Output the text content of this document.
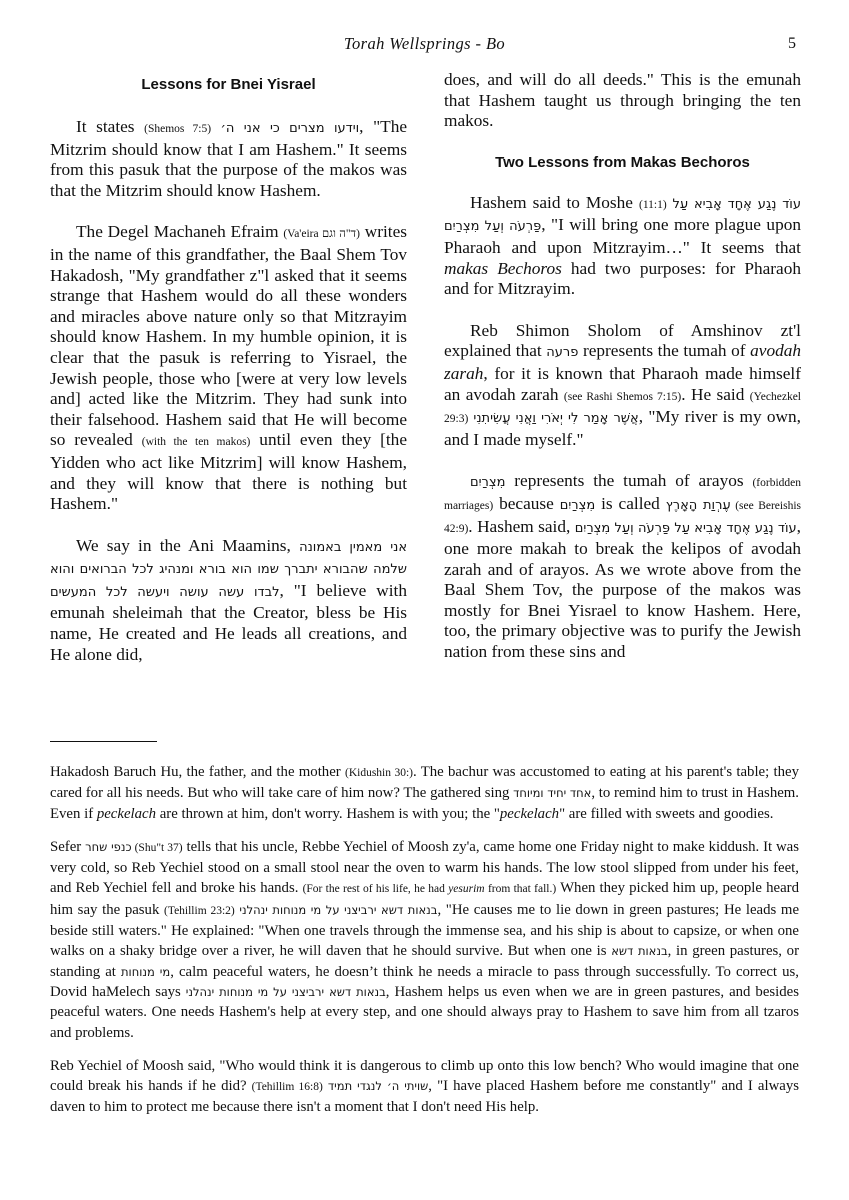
Torah Wellsprings - Bo	5
Lessons for Bnei Yisrael

It states (Shemos 7:5) וידעו מצרים כי אני ה׳, "The Mitzrim should know that I am Hashem." It seems from this pasuk that the purpose of the makos was that the Mitzrim should know Hashem.

The Degel Machaneh Efraim (Va'eira ד"ה וגם) writes in the name of this grandfather, the Baal Shem Tov Hakadosh, "My grandfather z"l asked that it seems strange that Hashem would do all these wonders and miracles above nature only so that Mitzrayim should know Hashem. In my humble opinion, it is clear that the pasuk is referring to Yisrael, the Jewish people, those who [were at very low levels and] acted like the Mitzrim. They had sunk into their falsehood. Hashem said that He will become so revealed (with the ten makos) until even they [the Yidden who act like Mitzrim] will know Hashem, and they will know that there is nothing but Hashem."

We say in the Ani Maamins, אני מאמין באמונה שלמה שהבורא יתברך שמו הוא בורא ומנהיג לכל הברואים והוא לבדו עשה עושה ויעשה לכל המעשים, "I believe with emunah sheleimah that the Creator, bless be His name, He created and He leads all creations, and He alone did,

does, and will do all deeds." This is the emunah that Hashem taught us through bringing the ten makos.

Two Lessons from Makas Bechoros

Hashem said to Moshe (11:1) עוֹד נֶגַע אֶחָד אָבִיא עַל פַּרְעֹה וְעַל מִצְרַיִם, "I will bring one more plague upon Pharaoh and upon Mitzrayim…" It seems that makas Bechoros had two purposes: for Pharaoh and for Mitzrayim.

Reb Shimon Sholom of Amshinov zt'l explained that פרעה represents the tumah of avodah zarah, for it is known that Pharaoh made himself an avodah zarah (see Rashi Shemos 7:15). He said (Yechezkel 29:3) אֲשֶׁר אָמַר לִי יְאֹרִי וַאֲנִי עֲשִׂיתִנִי, "My river is my own, and I made myself."

מִצְרַיִם represents the tumah of arayos (forbidden marriages) because מִצְרַיִם is called עֶרְוַת הָאָרֶץ (see Bereishis 42:9). Hashem said, עוֹד נֶגַע אֶחָד אָבִיא עַל פַּרְעֹה וְעַל מִצְרַיִם, one more makah to break the kelipos of avodah zarah and of arayos. As we wrote above from the Baal Shem Tov, the purpose of the makos was mostly for Bnei Yisrael to know Hashem. Here, too, the primary objective was to purify the Jewish nation from these sins and

Hakadosh Baruch Hu, the father, and the mother (Kidushin 30:). The bachur was accustomed to eating at his parent's table; they cared for all his needs. But who will take care of him now? The gathered sing אחד יחיד ומיוחד, to remind him to trust in Hashem. Even if peckelach are thrown at him, don't worry. Hashem is with you; the "peckelach" are filled with sweets and goodies.

Sefer כנפי שחר (Shu"t 37) tells that his uncle, Rebbe Yechiel of Moosh zy'a, came home one Friday night to make kiddush. It was very cold, so Reb Yechiel stood on a small stool near the oven to warm his hands. The low stool slipped from under his feet, and Reb Yechiel fell and broke his hands. (For the rest of his life, he had yesurim from that fall.) When they picked him up, people heard him say the pasuk (Tehillim 23:2) בנאות דשא ירביצני על מי מנוחות ינהלני, "He causes me to lie down in green pastures; He leads me beside still waters." He explained: "When one travels through the immense sea, and his ship is about to capsize, or when one walks on a shaky bridge over a river, he will daven that he should survive. But when one is בנאות דשא, in green pastures, or standing at מי מנוחות, calm peaceful waters, he doesn’t think he needs a miracle to pass through successfully. To correct us, Dovid haMelech says בנאות דשא ירביצני על מי מנוחות ינהלני, Hashem helps us even when we are in green pastures, and besides peaceful waters. One needs Hashem's help at every step, and one should always pray to Hashem to save him from all tzaros and problems.

Reb Yechiel of Moosh said, "Who would think it is dangerous to climb up onto this low bench? Who would imagine that one could break his hands if he did? (Tehillim 16:8) שויתי ה׳ לנגדי תמיד, "I have placed Hashem before me constantly" and I always daven to him to protect me because there isn't a moment that I don't need His help.
